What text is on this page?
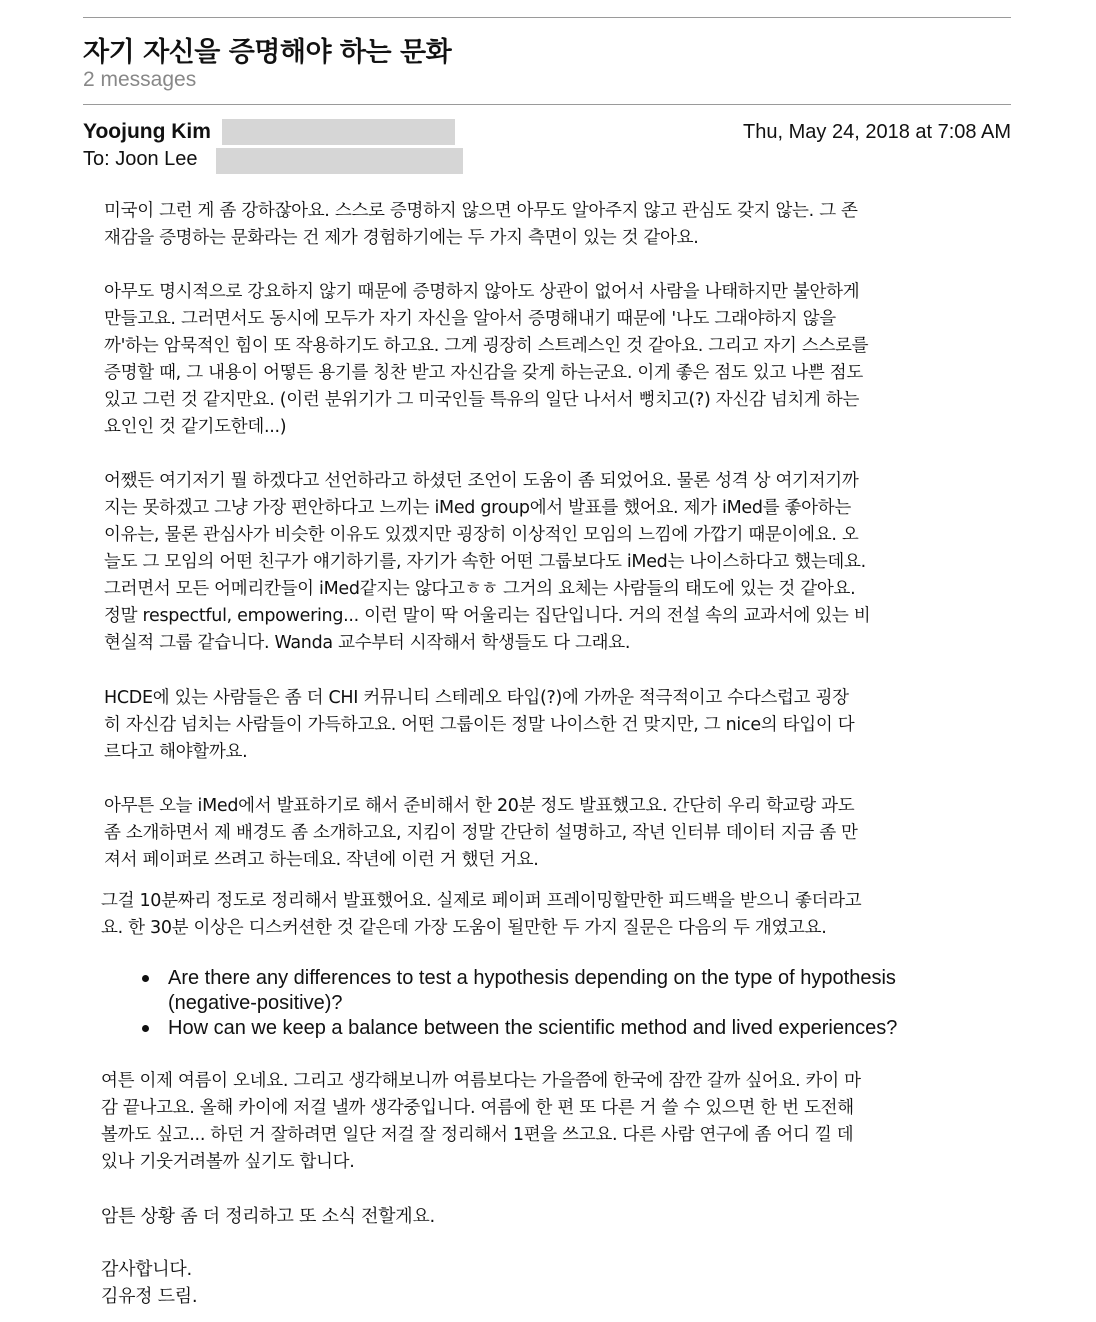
자기 자신을 증명해야 하는 문화
2 messages
Yoojung Kim	Thu, May 24, 2018 at 7:08 AM
To: Joon Lee
미국이 그런 게 좀 강하잖아요. 스스로 증명하지 않으면 아무도 알아주지 않고 관심도 갖지 않는. 그 존
재감을 증명하는 문화라는 건 제가 경험하기에는 두 가지 측면이 있는 것 같아요.
아무도 명시적으로 강요하지 않기 때문에 증명하지 않아도 상관이 없어서 사람을 나태하지만 불안하게
만들고요. 그러면서도 동시에 모두가 자기 자신을 알아서 증명해내기 때문에 '나도 그래야하지 않을
까'하는 암묵적인 힘이 또 작용하기도 하고요. 그게 굉장히 스트레스인 것 같아요. 그리고 자기 스스로를
증명할 때, 그 내용이 어떻든 용기를 칭찬 받고 자신감을 갖게 하는군요. 이게 좋은 점도 있고 나쁜 점도
있고 그런 것 같지만요. (이런 분위기가 그 미국인들 특유의 일단 나서서 뻥치고(?) 자신감 넘치게 하는
요인인 것 같기도한데...)
어쨌든 여기저기 뭘 하겠다고 선언하라고 하셨던 조언이 도움이 좀 되었어요. 물론 성격 상 여기저기까
지는 못하겠고 그냥 가장 편안하다고 느끼는 iMed group에서 발표를 했어요. 제가 iMed를 좋아하는
이유는, 물론 관심사가 비슷한 이유도 있겠지만 굉장히 이상적인 모임의 느낌에 가깝기 때문이에요. 오
늘도 그 모임의 어떤 친구가 얘기하기를, 자기가 속한 어떤 그룹보다도 iMed는 나이스하다고 했는데요.
그러면서 모든 어메리칸들이 iMed같지는 않다고ㅎㅎ 그거의 요체는 사람들의 태도에 있는 것 같아요.
정말 respectful, empowering... 이런 말이 딱 어울리는 집단입니다. 거의 전설 속의 교과서에 있는 비
현실적 그룹 같습니다. Wanda 교수부터 시작해서 학생들도 다 그래요.
HCDE에 있는 사람들은 좀 더 CHI 커뮤니티 스테레오 타입(?)에 가까운 적극적이고 수다스럽고 굉장
히 자신감 넘치는 사람들이 가득하고요. 어떤 그룹이든 정말 나이스한 건 맞지만, 그 nice의 타입이 다
르다고 해야할까요.
아무튼 오늘 iMed에서 발표하기로 해서 준비해서 한 20분 정도 발표했고요. 간단히 우리 학교랑 과도
좀 소개하면서 제 배경도 좀 소개하고요, 지킴이 정말 간단히 설명하고, 작년 인터뷰 데이터 지금 좀 만
져서 페이퍼로 쓰려고 하는데요. 작년에 이런 거 했던 거요.
그걸 10분짜리 정도로 정리해서 발표했어요. 실제로 페이퍼 프레이밍할만한 피드백을 받으니 좋더라고
요. 한 30분 이상은 디스커션한 것 같은데 가장 도움이 될만한 두 가지 질문은 다음의 두 개였고요.
Are there any differences to test a hypothesis depending on the type of hypothesis
(negative-positive)?
How can we keep a balance between the scientific method and lived experiences?
여튼 이제 여름이 오네요. 그리고 생각해보니까 여름보다는 가을쯤에 한국에 잠깐 갈까 싶어요. 카이 마
감 끝나고요. 올해 카이에 저걸 낼까 생각중입니다. 여름에 한 편 또 다른 거 쓸 수 있으면 한 번 도전해
볼까도 싶고... 하던 거 잘하려면 일단 저걸 잘 정리해서 1편을 쓰고요. 다른 사람 연구에 좀 어디 낄 데
있나 기웃거려볼까 싶기도 합니다.
암튼 상황 좀 더 정리하고 또 소식 전할게요.
감사합니다.
김유정 드림.
